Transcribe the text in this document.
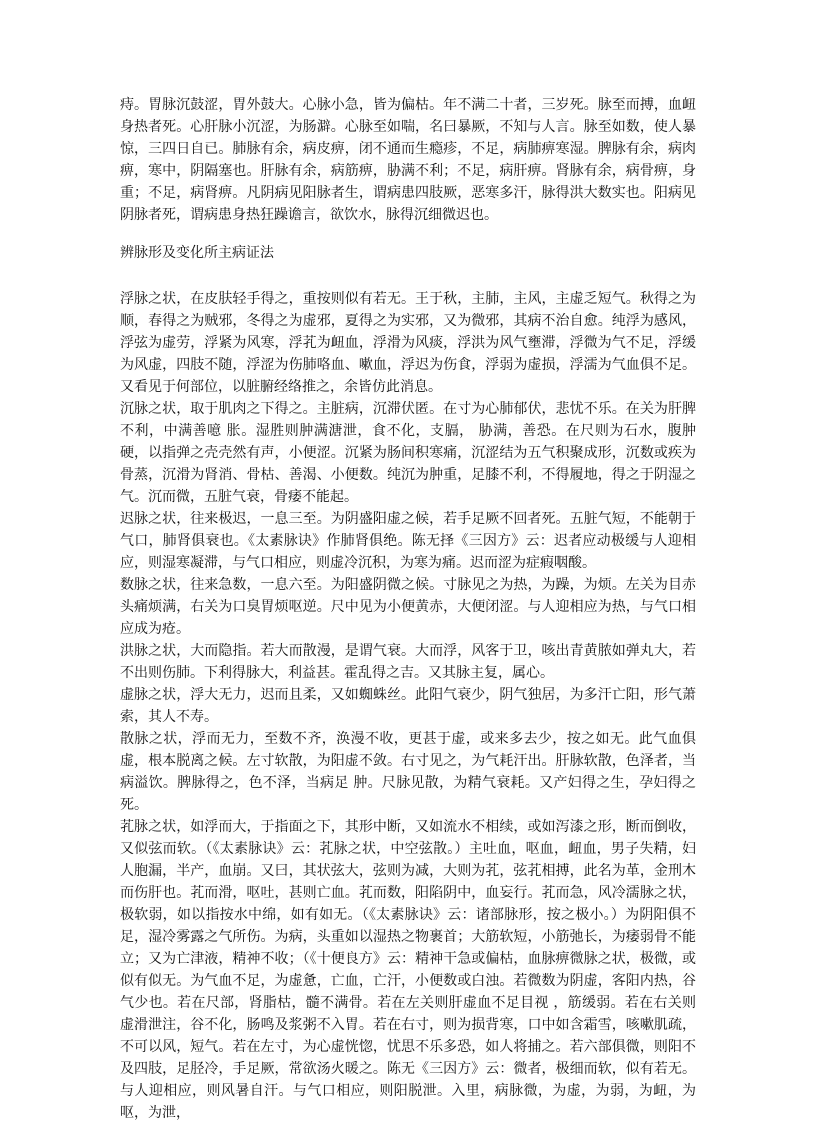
痔。胃脉沉鼓涩，胃外鼓大。心脉小急，皆为偏枯。年不满二十者，三岁死。脉至而搏，血衄身热者死。心肝脉小沉涩，为肠澼。心脉至如喘，名曰暴厥，不知与人言。脉至如数，使人暴惊，三四日自已。肺脉有余，病皮痹，闭不通而生瘾疹，不足，病肺痹寒湿。脾脉有余，病肉痹，寒中，阴隔塞也。肝脉有余，病筋痹，胁满不利；不足，病肝痹。肾脉有余，病骨痹，身重；不足，病肾痹。凡阴病见阳脉者生，谓病患四肢厥，恶寒多汗，脉得洪大数实也。阳病见阴脉者死，谓病患身热狂躁谵言，欲饮水，脉得沉细微迟也。

辨脉形及变化所主病证法

浮脉之状，在皮肤轻手得之，重按则似有若无。王于秋，主肺，主风，主虚乏短气。秋得之为顺，春得之为贼邪，冬得之为虚邪，夏得之为实邪，又为微邪，其病不治自愈。纯浮为感风，浮弦为虚劳，浮紧为风寒，浮芤为衄血，浮滑为风痰，浮洪为风气壅滞，浮微为气不足，浮缓为风虚，四肢不随，浮涩为伤肺咯血、嗽血，浮迟为伤食，浮弱为虚损，浮濡为气血俱不足。又看见于何部位，以脏腑经络推之，余皆仿此消息。

沉脉之状，取于肌肉之下得之。主脏病，沉滞伏匿。在寸为心肺郁伏，悲忧不乐。在关为肝脾不利，中满善噫 胀。湿胜则肿满溏泄，食不化，支膈， 胁满，善恐。在尺则为石水，腹肿硬，以指弹之壳壳然有声，小便涩。沉紧为肠间积寒痛，沉涩结为五气积聚成形，沉数或疾为骨蒸，沉滑为肾消、骨枯、善渴、小便数。纯沉为肿重，足膝不利，不得履地，得之于阴湿之气。沉而微，五脏气衰，骨痿不能起。

迟脉之状，往来极迟，一息三至。为阴盛阳虚之候，若手足厥不回者死。五脏气短，不能朝于气口，肺肾俱衰也。《太素脉诀》作肺肾俱绝。陈无择《三因方》云：迟者应动极缓与人迎相应，则湿寒凝滞，与气口相应，则虚冷沉积，为寒为痛。迟而涩为症瘕咽酸。

数脉之状，往来急数，一息六至。为阳盛阴微之候。寸脉见之为热，为躁，为烦。左关为目赤头痛烦满，右关为口臭胃烦呕逆。尺中见为小便黄赤，大便闭涩。与人迎相应为热，与气口相应成为疮。

洪脉之状，大而隐指。若大而散漫，是谓气衰。大而浮，风客于卫，咳出青黄脓如弹丸大，若不出则伤肺。下利得脉大，利益甚。霍乱得之吉。又其脉主复，属心。

虚脉之状，浮大无力，迟而且柔，又如蜘蛛丝。此阳气衰少，阴气独居，为多汗亡阳，形气萧索，其人不寿。

散脉之状，浮而无力，至数不齐，涣漫不收，更甚于虚，或来多去少，按之如无。此气血俱虚，根本脱离之候。左寸软散，为阳虚不敛。右寸见之，为气耗汗出。肝脉软散，色泽者，当病溢饮。脾脉得之，色不泽，当病足 肿。尺脉见散，为精气衰耗。又产妇得之生，孕妇得之死。

芤脉之状，如浮而大，于指面之下，其形中断，又如流水不相续，或如泻漆之形，断而倒收，又似弦而软。（《太素脉诀》云：芤脉之状，中空弦散。）主吐血，呕血，衄血，男子失精，妇人胞漏，半产，血崩。又曰，其状弦大，弦则为减，大则为芤，弦芤相搏，此名为革，金刑木而伤肝也。芤而滑，呕吐，甚则亡血。芤而数，阳陷阴中，血妄行。芤而急，风冷濡脉之状，极软弱，如以指按水中绵，如有如无。（《太素脉诀》云：诸部脉形，按之极小。）为阴阳俱不足，湿冷雾露之气所伤。为病，头重如以湿热之物裹首；大筋软短，小筋弛长，为痿弱骨不能立；又为亡津液，精神不收；（《十便良方》云：精神干急或偏枯，血脉痹微脉之状，极微，或似有似无。为气血不足，为虚惫，亡血，亡汗，小便数或白浊。若微数为阴虚，客阳内热，谷气少也。若在尺部，肾脂枯，髓不满骨。若在左关则肝虚血不足目视 ，筋缓弱。若在右关则虚滑泄注，谷不化，肠鸣及浆粥不入胃。若在右寸，则为损背寒，口中如含霜雪，咳嗽肌疏，不可以风，短气。若在左寸，为心虚恍惚，忧思不乐多恐，如人将捕之。若六部俱微，则阳不及四肢，足胫冷，手足厥，常欲汤火暖之。陈无《三因方》云：微者，极细而软，似有若无。与人迎相应，则风暑自汗。与气口相应，则阳脱泄。入里，病脉微，为虚，为弱，为衄，为呕，为泄，
